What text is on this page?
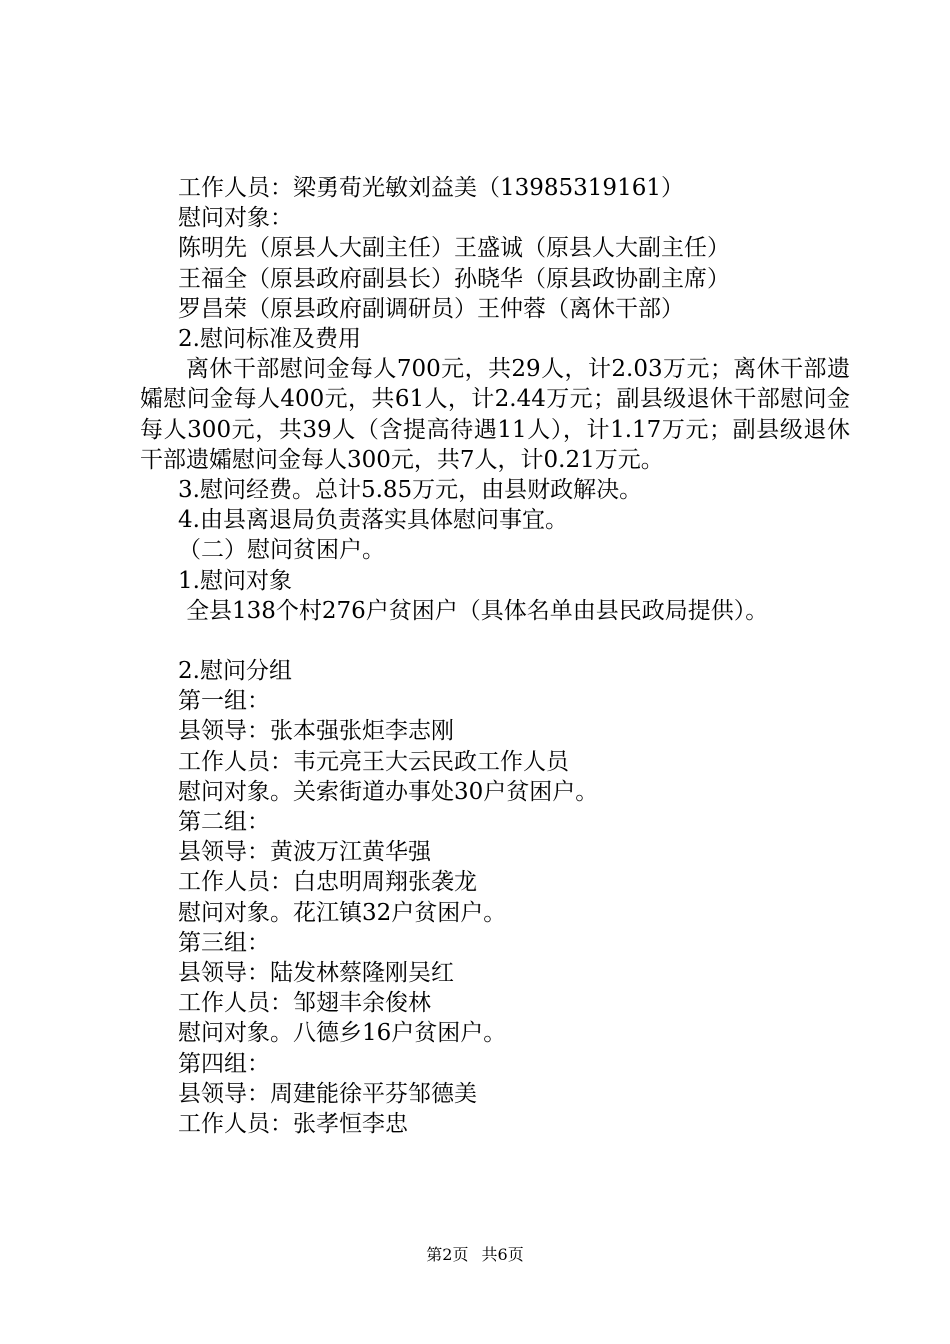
工作人员：梁勇荀光敏刘益美（13985319161）
慰问对象：
陈明先（原县人大副主任）王盛诚（原县人大副主任）
王福全（原县政府副县长）孙晓华（原县政协副主席）
罗昌荣（原县政府副调研员）王仲蓉（离休干部）
2.慰问标准及费用

离休干部慰问金每人700元，共29人，计2.03万元；离休干部遗孀慰问金每人400元，共61人，计2.44万元；副县级退休干部慰问金每人300元，共39人（含提高待遇11人），计1.17万元；副县级退休干部遗孀慰问金每人300元，共7人，计0.21万元。

3.慰问经费。总计5.85万元，由县财政解决。
4.由县离退局负责落实具体慰问事宜。
（二）慰问贫困户。
1.慰问对象
全县138个村276户贫困户（具体名单由县民政局提供）。
2.慰问分组
第一组：
县领导：张本强张炬李志刚
工作人员：韦元亮王大云民政工作人员
慰问对象。关索街道办事处30户贫困户。
第二组：
县领导：黄波万江黄华强
工作人员：白忠明周翔张袭龙
慰问对象。花江镇32户贫困户。
第三组：
县领导：陆发林蔡隆刚吴红
工作人员：邹翅丰余俊林
慰问对象。八德乡16户贫困户。
第四组：
县领导：周建能徐平芬邹德美
工作人员：张孝恒李忠
第2页 共6页
